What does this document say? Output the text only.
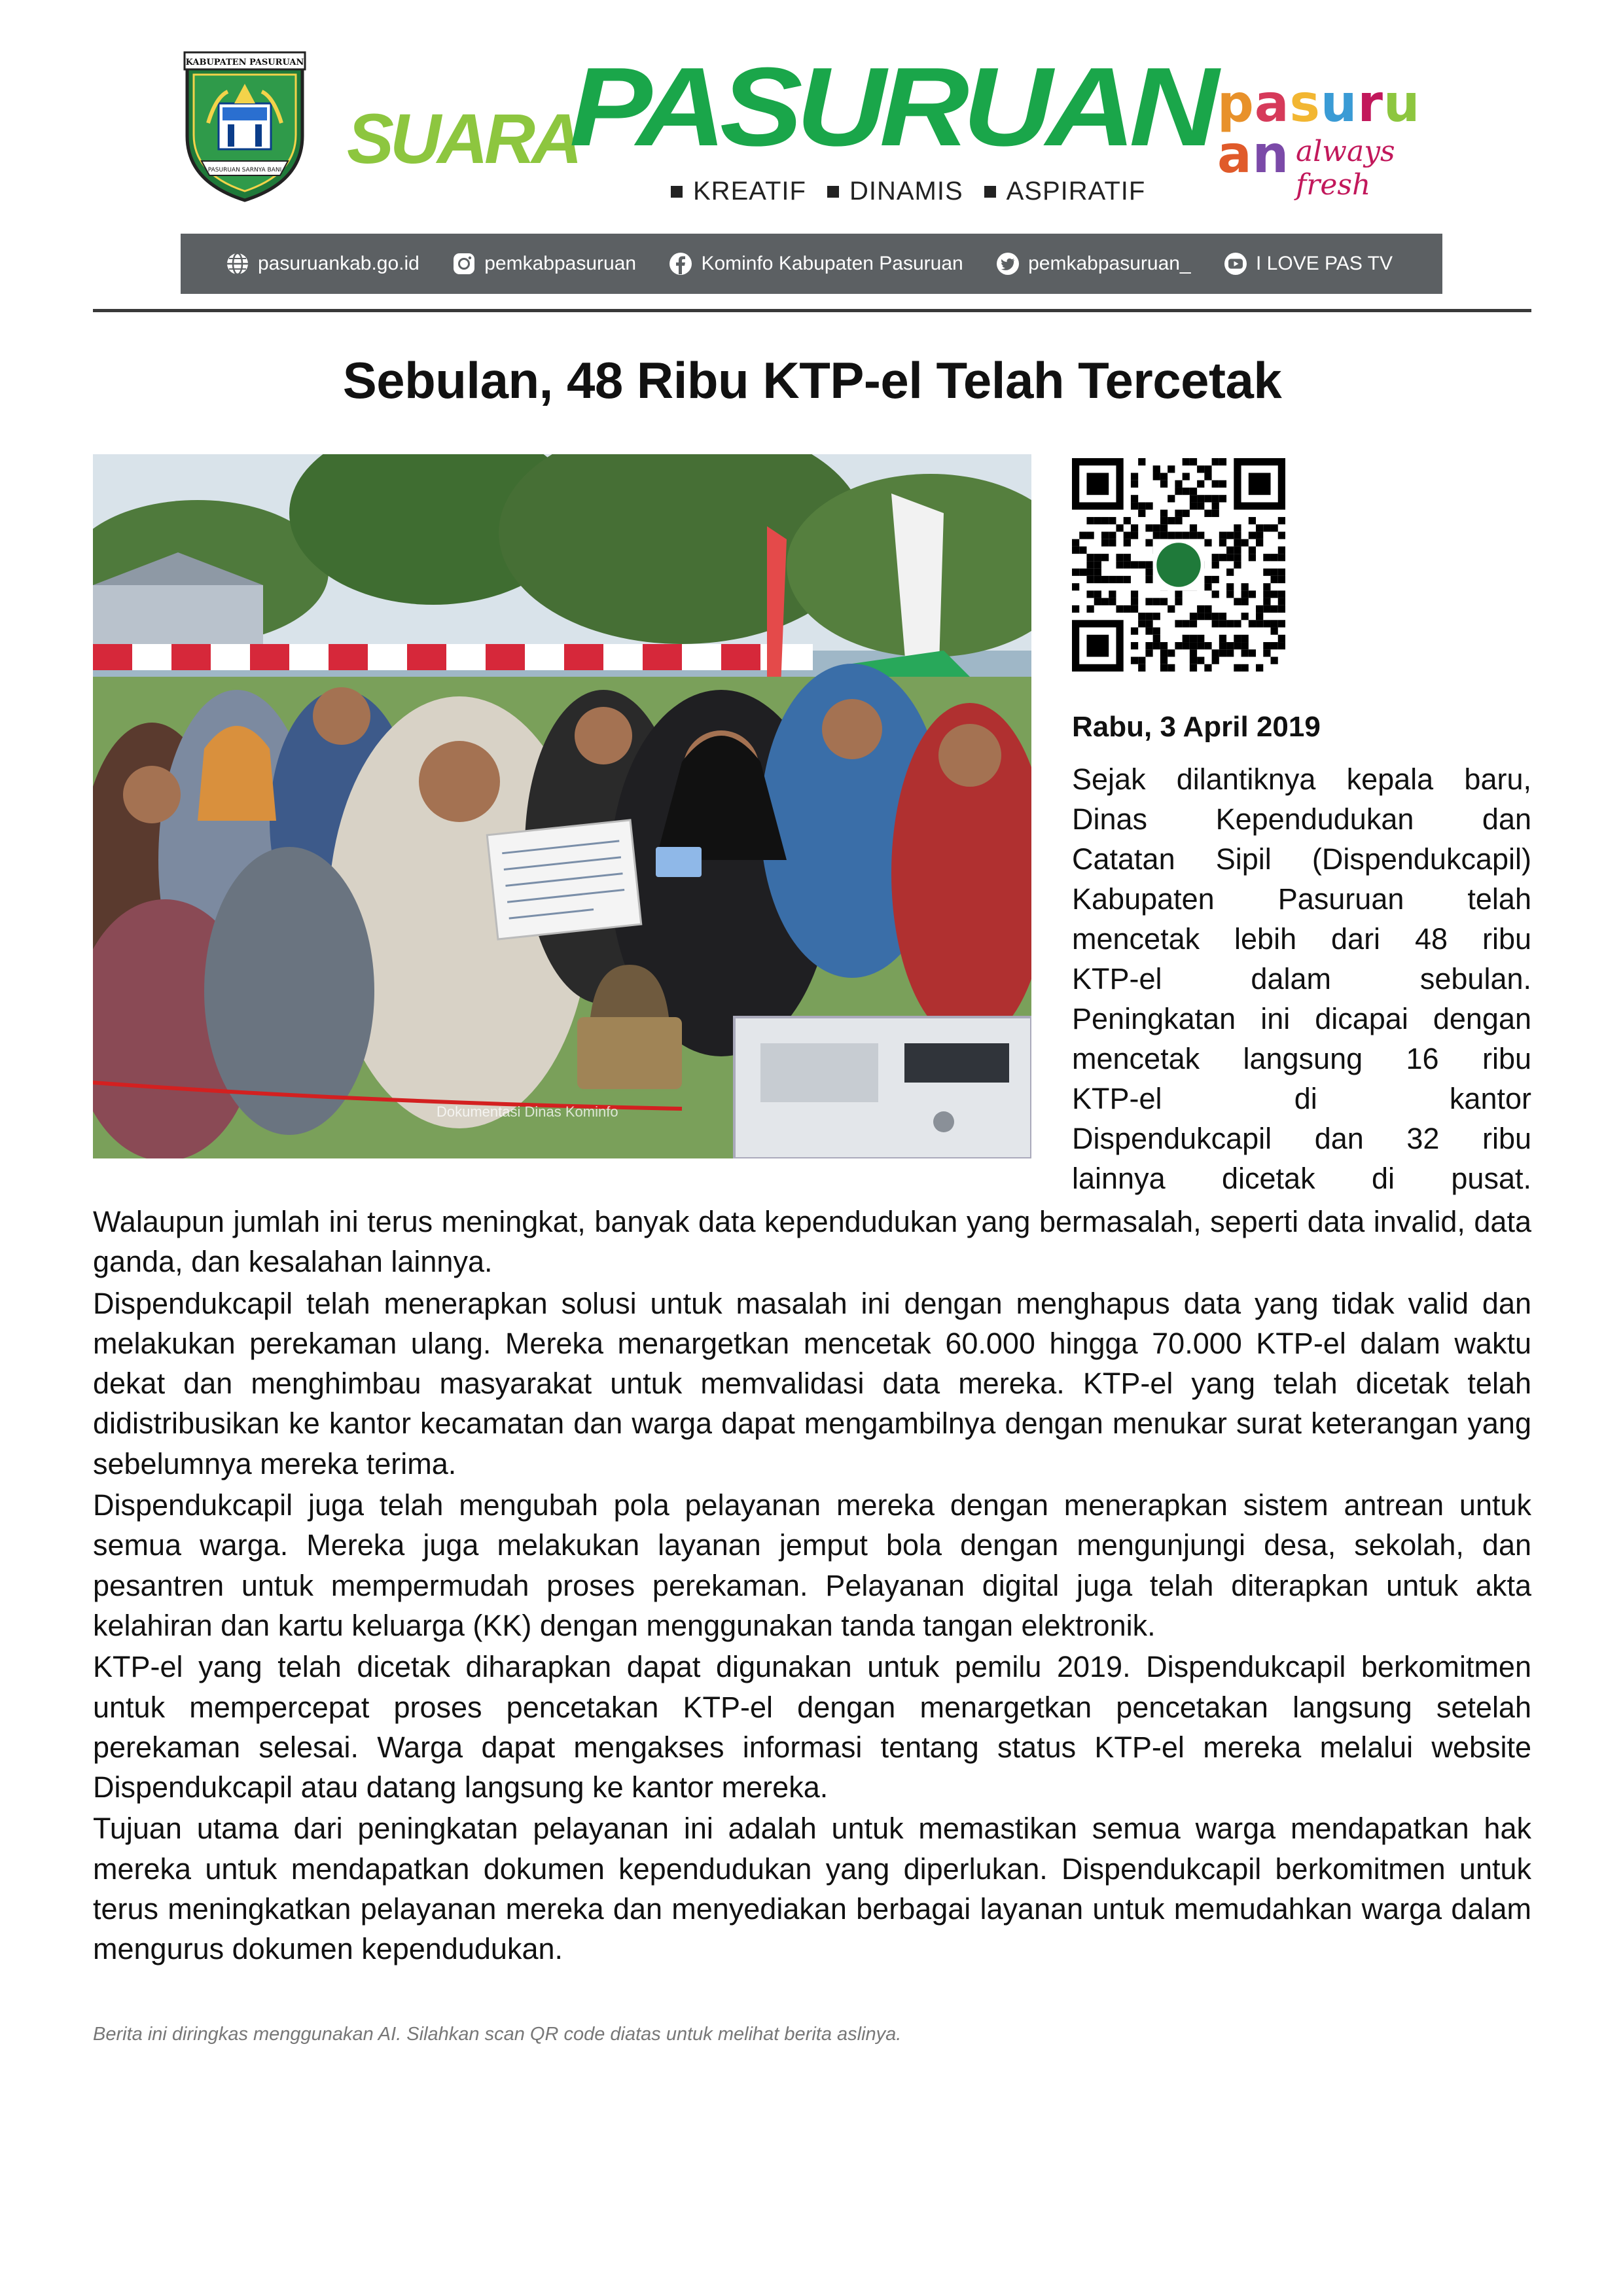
KABUPATEN PASURUAN
PASURUAN SARNYA BANI SUARA
PASURUAN
KREATIF DINAMIS ASPIRATIF
pasuruan always fresh
pasuruankab.go.id	pemkabpasuruan	Kominfo Kabupaten Pasuruan	pemkabpasuruan_	I LOVE PAS TV
Sebulan, 48 Ribu KTP-el Telah Tercetak
Dokumentasi Dinas Kominfo
Rabu, 3 April 2019
Sejak dilantiknya kepala baru,
Dinas Kependudukan dan
Catatan Sipil (Dispendukcapil)
Kabupaten Pasuruan telah
mencetak lebih dari 48 ribu
KTP-el dalam sebulan.
Peningkatan ini dicapai dengan
mencetak langsung 16 ribu
KTP-el di kantor
Dispendukcapil dan 32 ribu
lainnya dicetak di pusat.

Walaupun jumlah ini terus meningkat, banyak data kependudukan yang bermasalah, seperti data invalid, data ganda, dan kesalahan lainnya.

Dispendukcapil telah menerapkan solusi untuk masalah ini dengan menghapus data yang tidak valid dan melakukan perekaman ulang. Mereka menargetkan mencetak 60.000 hingga 70.000 KTP-el dalam waktu dekat dan menghimbau masyarakat untuk memvalidasi data mereka. KTP-el yang telah dicetak telah didistribusikan ke kantor kecamatan dan warga dapat mengambilnya dengan menukar surat keterangan yang sebelumnya mereka terima.

Dispendukcapil juga telah mengubah pola pelayanan mereka dengan menerapkan sistem antrean untuk semua warga. Mereka juga melakukan layanan jemput bola dengan mengunjungi desa, sekolah, dan pesantren untuk mempermudah proses perekaman. Pelayanan digital juga telah diterapkan untuk akta kelahiran dan kartu keluarga (KK) dengan menggunakan tanda tangan elektronik.

KTP-el yang telah dicetak diharapkan dapat digunakan untuk pemilu 2019. Dispendukcapil berkomitmen untuk mempercepat proses pencetakan KTP-el dengan menargetkan pencetakan langsung setelah perekaman selesai. Warga dapat mengakses informasi tentang status KTP-el mereka melalui website Dispendukcapil atau datang langsung ke kantor mereka.

Tujuan utama dari peningkatan pelayanan ini adalah untuk memastikan semua warga mendapatkan hak mereka untuk mendapatkan dokumen kependudukan yang diperlukan. Dispendukcapil berkomitmen untuk terus meningkatkan pelayanan mereka dan menyediakan berbagai layanan untuk memudahkan warga dalam mengurus dokumen kependudukan.

Berita ini diringkas menggunakan AI. Silahkan scan QR code diatas untuk melihat berita aslinya.
